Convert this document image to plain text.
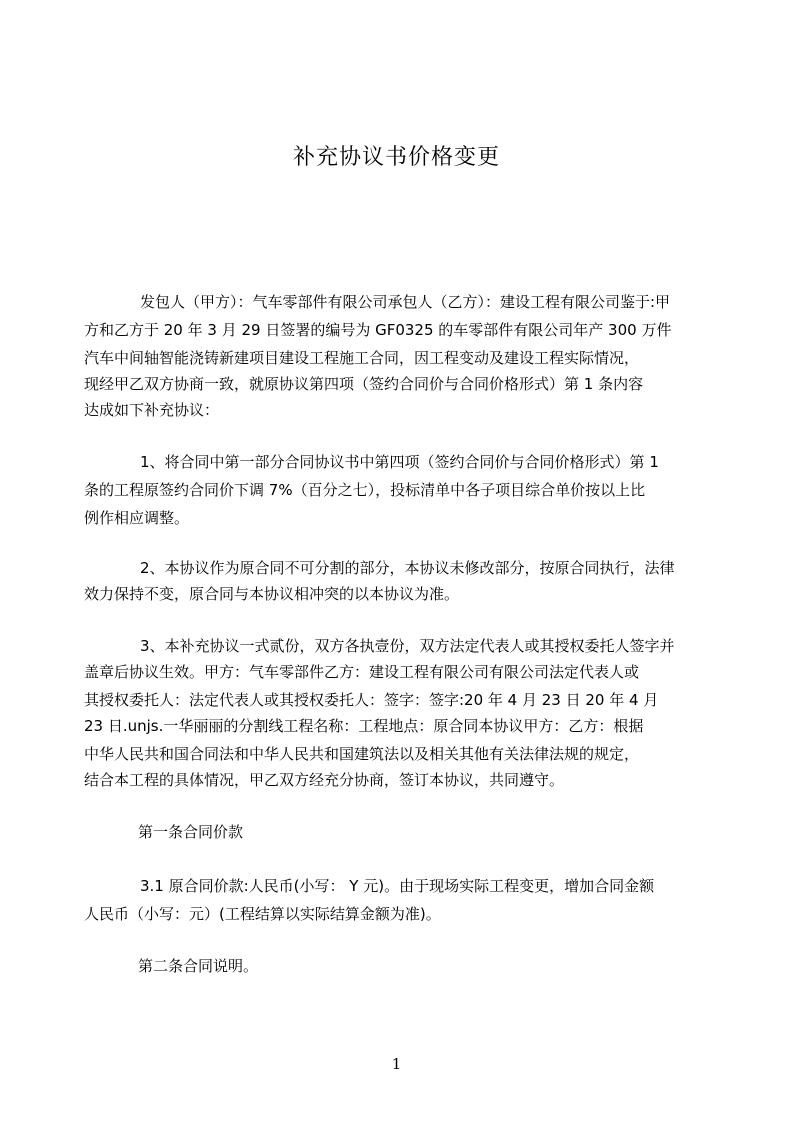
补充协议书价格变更
发包人（甲方）：气车零部件有限公司承包人（乙方）：建设工程有限公司鉴于:甲
方和乙方于 20 年 3 月 29 日签署的编号为 GF0325 的车零部件有限公司年产 300 万件
汽车中间轴智能浇铸新建项目建设工程施工合同，因工程变动及建设工程实际情况，
现经甲乙双方协商一致，就原协议第四项（签约合同价与合同价格形式）第 1 条内容
达成如下补充协议：
1、将合同中第一部分合同协议书中第四项（签约合同价与合同价格形式）第 1
条的工程原签约合同价下调 7%（百分之七），投标清单中各子项目综合单价按以上比
例作相应调整。
2、本协议作为原合同不可分割的部分，本协议未修改部分，按原合同执行，法律
效力保持不变，原合同与本协议相冲突的以本协议为准。
3、本补充协议一式贰份，双方各执壹份，双方法定代表人或其授权委托人签字并
盖章后协议生效。甲方：气车零部件乙方：建设工程有限公司有限公司法定代表人或
其授权委托人：法定代表人或其授权委托人：签字：签字:20 年 4 月 23 日 20 年 4 月
23 日.unjs.一华丽丽的分割线工程名称：工程地点：原合同本协议甲方：乙方：根据
中华人民共和国合同法和中华人民共和国建筑法以及相关其他有关法律法规的规定，
结合本工程的具体情况，甲乙双方经充分协商，签订本协议，共同遵守。
第一条合同价款
3.1 原合同价款:人民币(小写： Y 元)。由于现场实际工程变更，增加合同金额
人民币（小写：元）(工程结算以实际结算金额为准)。
第二条合同说明。
1
